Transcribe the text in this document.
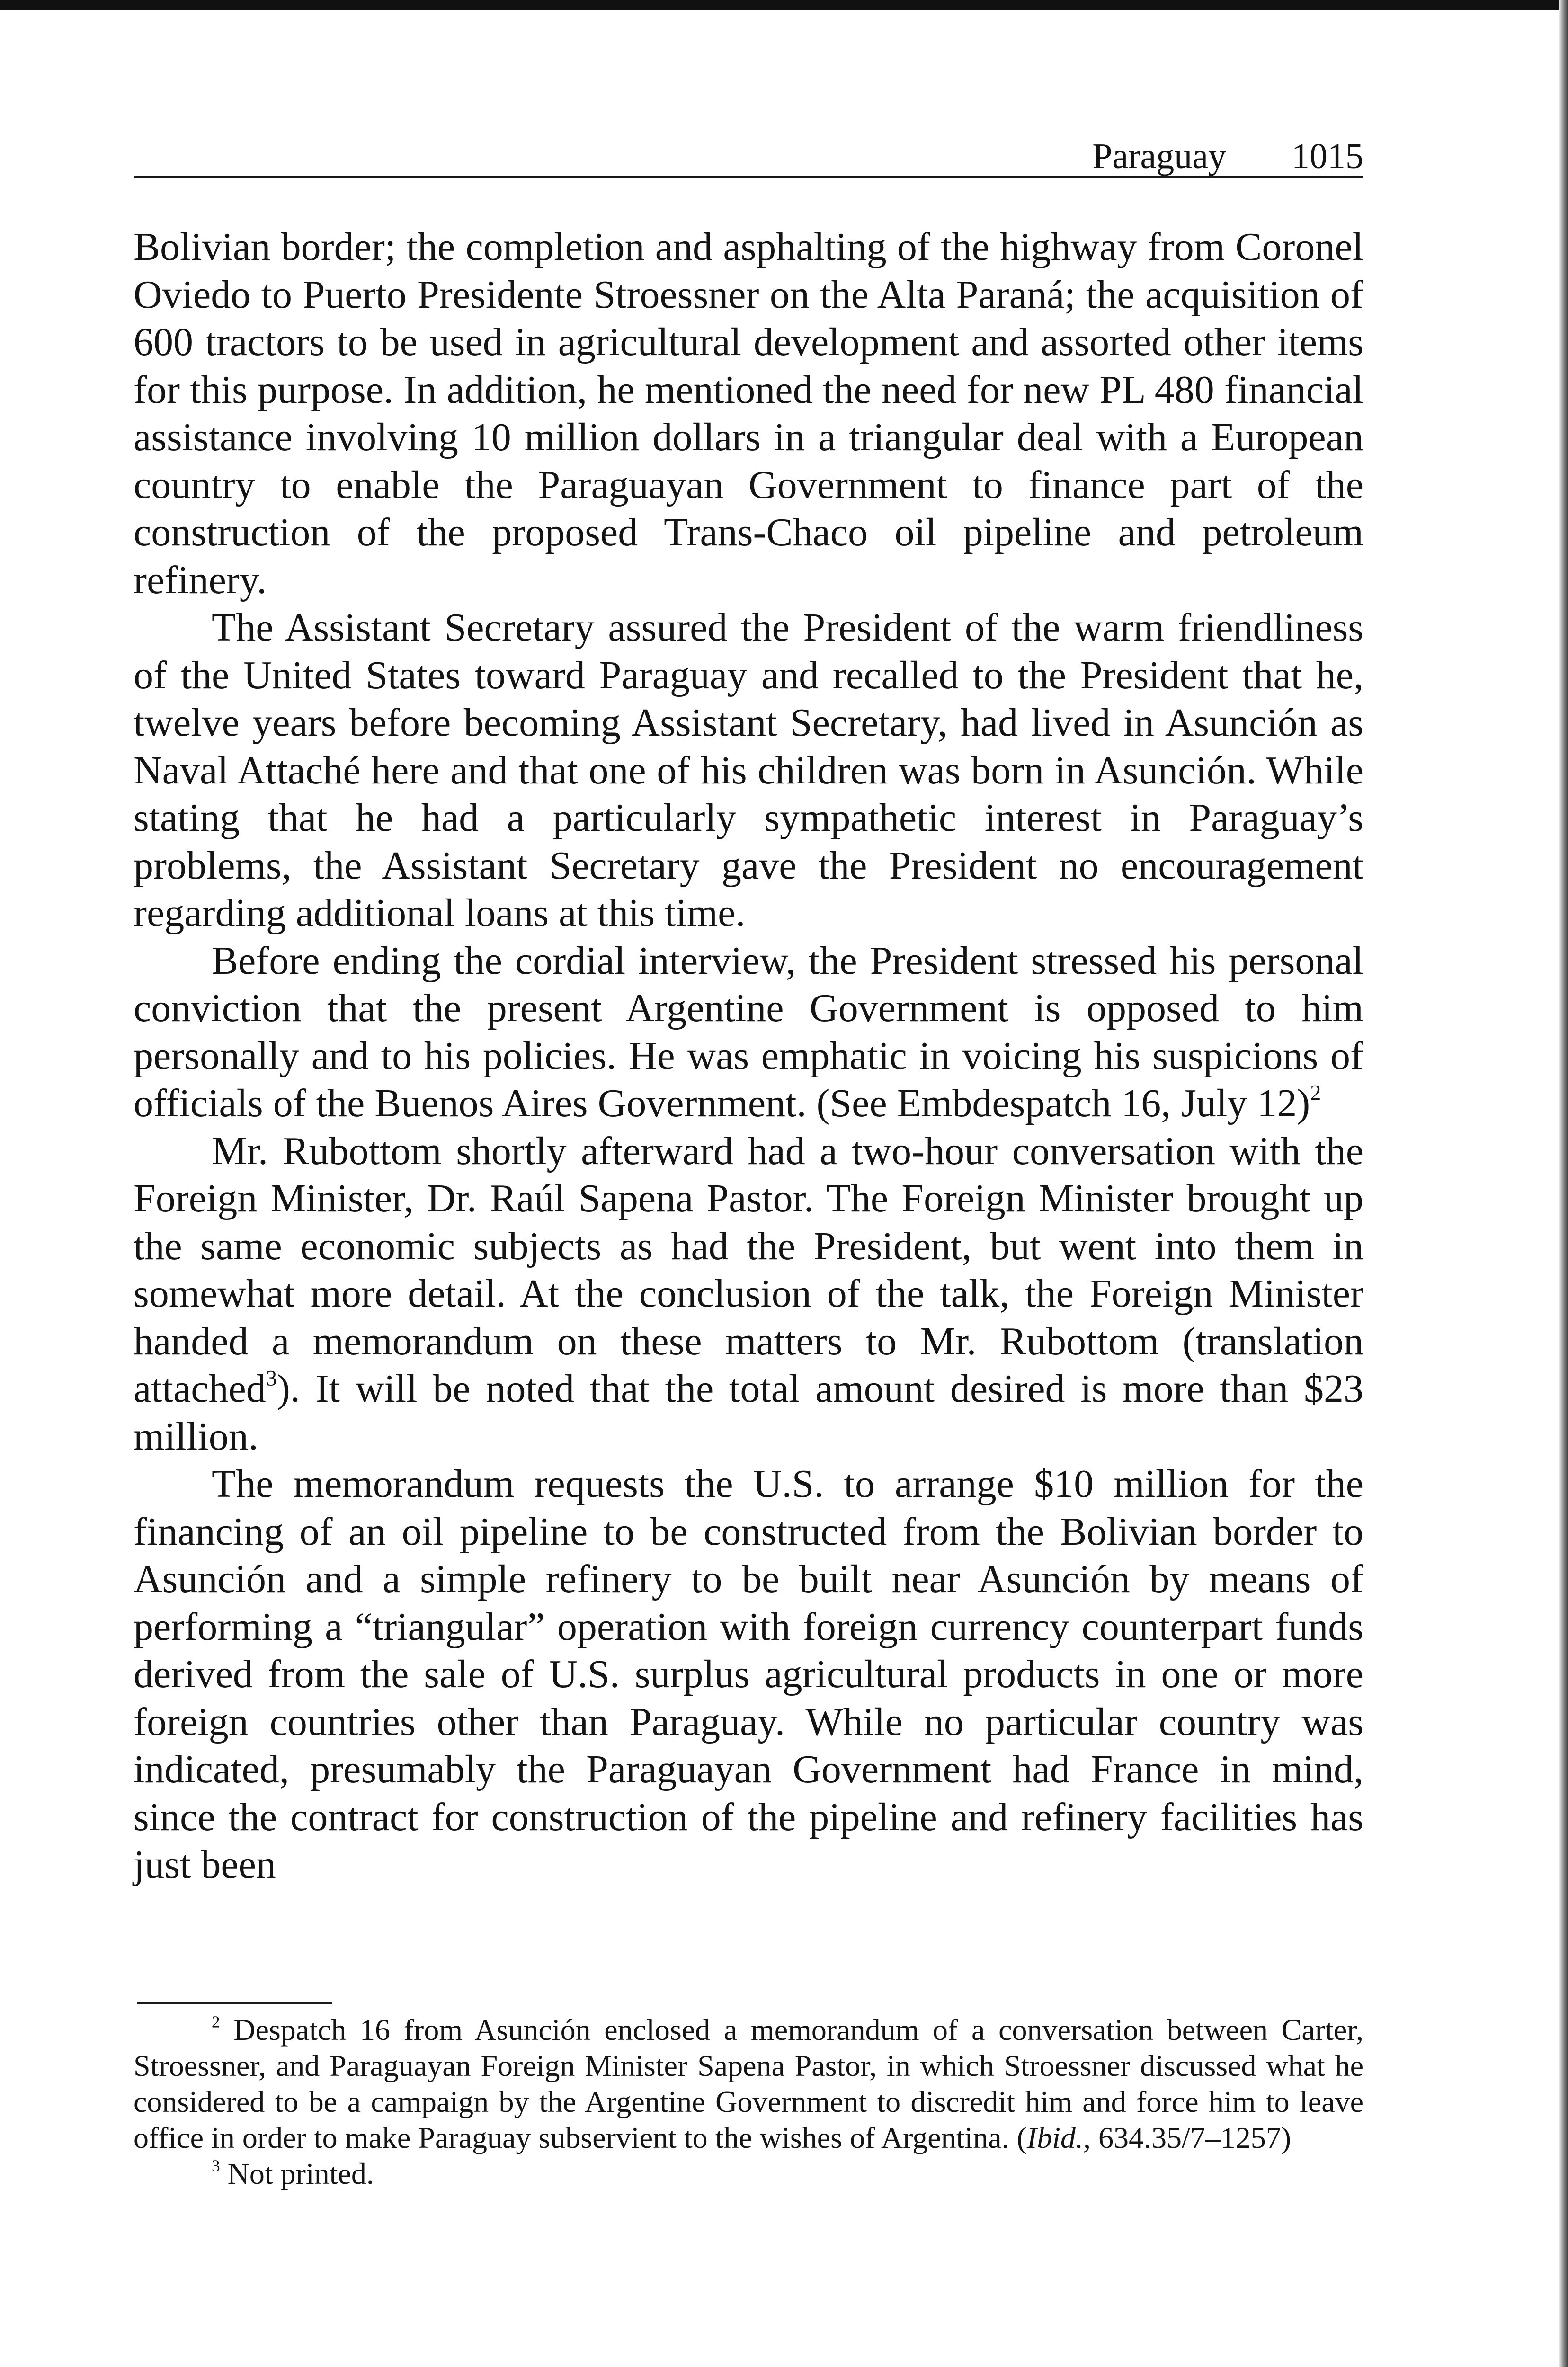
Paraguay 1015

Bolivian border; the completion and asphalting of the highway from Coronel Oviedo to Puerto Presidente Stroessner on the Alta Paraná; the acquisition of 600 tractors to be used in agricultural development and assorted other items for this purpose. In addition, he mentioned the need for new PL 480 financial assistance involving 10 million dollars in a triangular deal with a European country to enable the Paraguayan Government to finance part of the construction of the proposed Trans-Chaco oil pipeline and petroleum refinery.

The Assistant Secretary assured the President of the warm friendliness of the United States toward Paraguay and recalled to the President that he, twelve years before becoming Assistant Secretary, had lived in Asunción as Naval Attaché here and that one of his children was born in Asunción. While stating that he had a particularly sympathetic interest in Paraguay’s problems, the Assistant Secretary gave the President no encouragement regarding additional loans at this time.

Before ending the cordial interview, the President stressed his personal conviction that the present Argentine Government is opposed to him personally and to his policies. He was emphatic in voicing his suspicions of officials of the Buenos Aires Government. (See Embdespatch 16, July 12)$^2$

Mr. Rubottom shortly afterward had a two-hour conversation with the Foreign Minister, Dr. Raúl Sapena Pastor. The Foreign Minister brought up the same economic subjects as had the President, but went into them in somewhat more detail. At the conclusion of the talk, the Foreign Minister handed a memorandum on these matters to Mr. Rubottom (translation attached$^3$). It will be noted that the total amount desired is more than $23 million.

The memorandum requests the U.S. to arrange $10 million for the financing of an oil pipeline to be constructed from the Bolivian border to Asunción and a simple refinery to be built near Asunción by means of performing a “triangular” operation with foreign currency counterpart funds derived from the sale of U.S. surplus agricultural products in one or more foreign countries other than Paraguay. While no particular country was indicated, presumably the Paraguayan Government had France in mind, since the contract for construction of the pipeline and refinery facilities has just been

$^2$ Despatch 16 from Asunción enclosed a memorandum of a conversation between Carter, Stroessner, and Paraguayan Foreign Minister Sapena Pastor, in which Stroessner discussed what he considered to be a campaign by the Argentine Government to discredit him and force him to leave office in order to make Paraguay subservient to the wishes of Argentina. (Ibid., 634.35/7–1257)

$^3$ Not printed.
